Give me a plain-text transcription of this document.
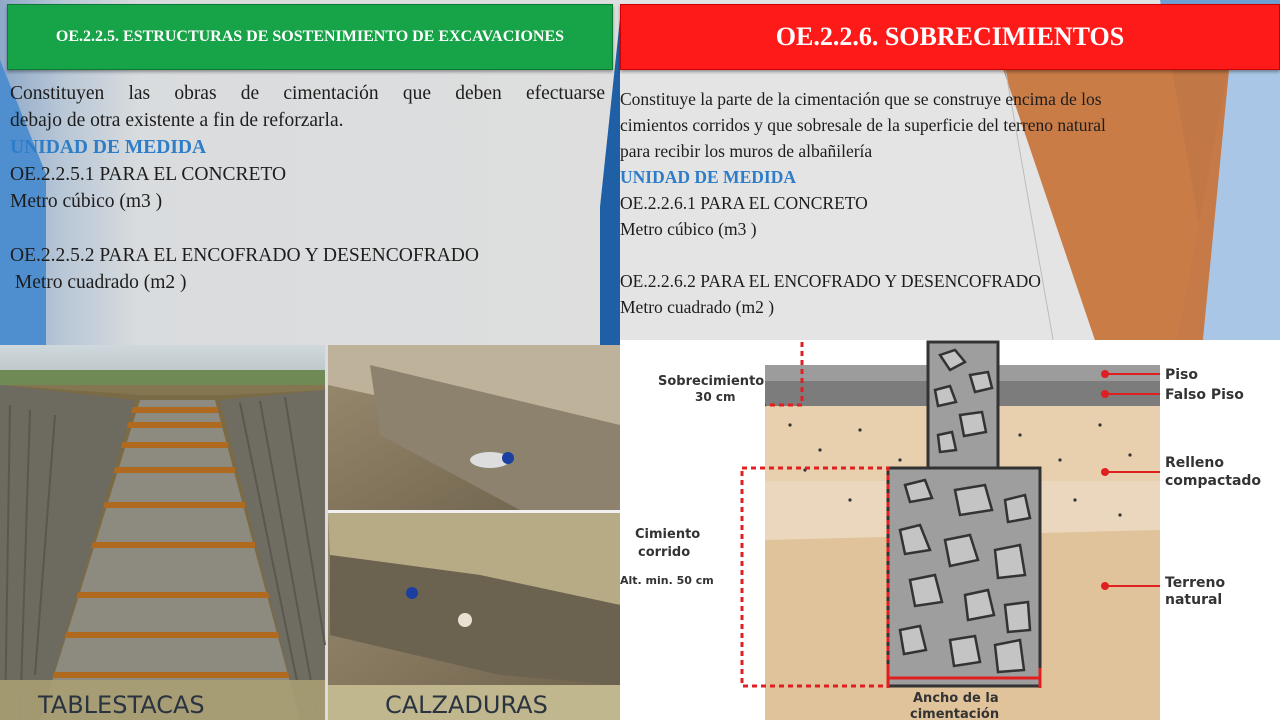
OE.2.2.5. ESTRUCTURAS DE SOSTENIMIENTO DE EXCAVACIONES	OE.2.2.6. SOBRECIMIENTOS

Constituyen las obras de cimentación que deben efectuarse

debajo de otra existente a fin de reforzarla.

UNIDAD DE MEDIDA

OE.2.2.5.1 PARA EL CONCRETO

Metro cúbico (m3 )

OE.2.2.5.2 PARA EL ENCOFRADO Y DESENCOFRADO

Metro cuadrado (m2 )

Constituye la parte de la cimentación que se construye encima de los

cimientos corridos y que sobresale de la superficie del terreno natural

para recibir los muros de albañilería

UNIDAD DE MEDIDA

OE.2.2.6.1 PARA EL CONCRETO

Metro cúbico (m3 )

OE.2.2.6.2 PARA EL ENCOFRADO Y DESENCOFRADO

Metro cuadrado (m2 )

TABLESTACAS	CALZADURAS
Sobrecimiento
30 cm
Cimiento
corrido
Alt. min. 50 cm
Piso
Falso Piso
Relleno
compactado
Terreno
natural
Ancho de la
cimentación
